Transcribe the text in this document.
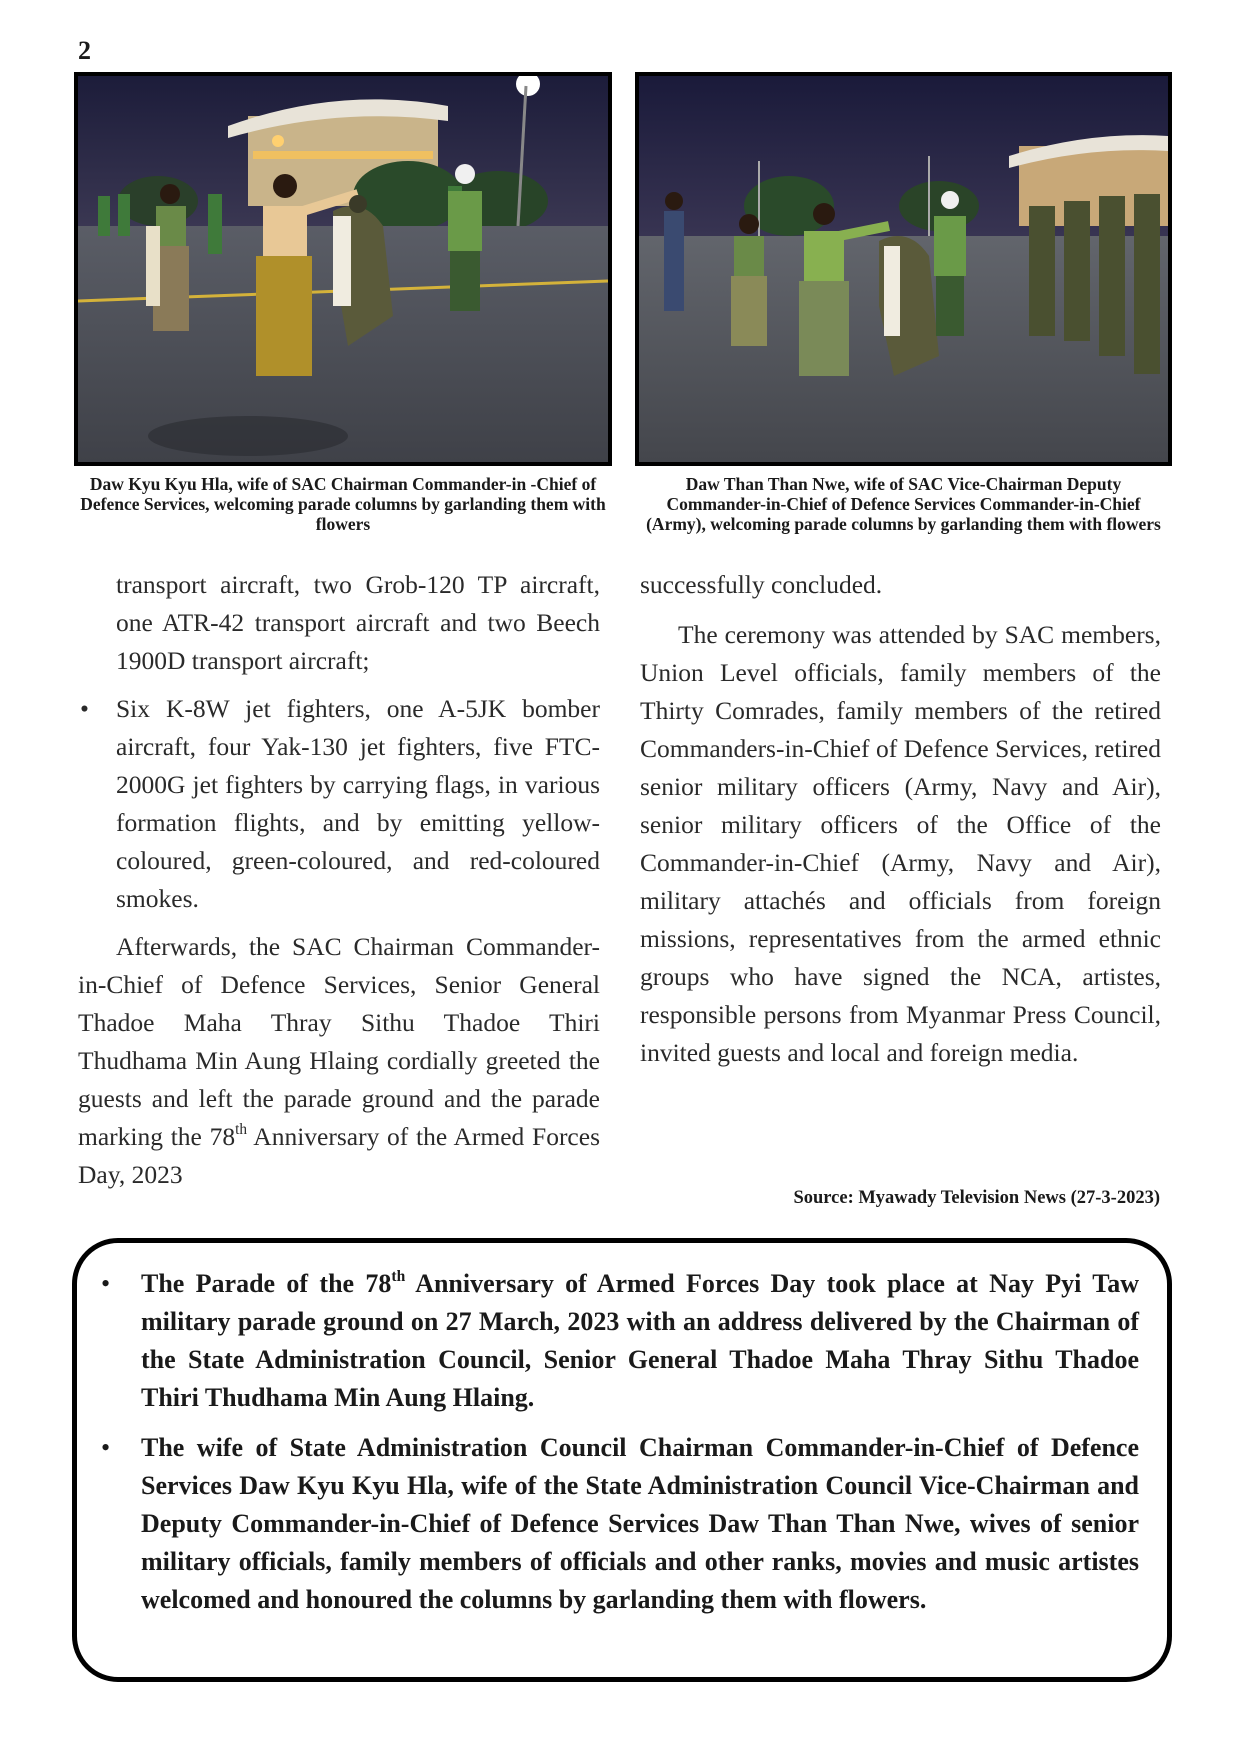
2
Daw Kyu Kyu Hla, wife of SAC Chairman Commander-in -Chief of Defence Services, welcoming parade columns by garlanding them with flowers
Daw Than Than Nwe, wife of SAC Vice-Chairman Deputy Commander-in-Chief of Defence Services Commander-in-Chief (Army), welcoming parade columns by garlanding them with flowers

transport aircraft, two Grob-120 TP aircraft, one ATR-42 transport aircraft and two Beech 1900D transport aircraft;

• Six K-8W jet fighters, one A-5JK bomber aircraft, four Yak-130 jet fighters, five FTC-2000G jet fighters by carrying flags, in various formation flights, and by emitting yellow-coloured, green-coloured, and red-coloured smokes.

Afterwards, the SAC Chairman Commander-in-Chief of Defence Services, Senior General Thadoe Maha Thray Sithu Thadoe Thiri Thudhama Min Aung Hlaing cordially greeted the guests and left the parade ground and the parade marking the 78th Anniversary of the Armed Forces Day, 2023

successfully concluded.

The ceremony was attended by SAC members, Union Level officials, family members of the Thirty Comrades, family members of the retired Commanders-in-Chief of Defence Services, retired senior military officers (Army, Navy and Air), senior military officers of the Office of the Commander-in-Chief (Army, Navy and Air), military attachés and officials from foreign missions, representatives from the armed ethnic groups who have signed the NCA, artistes, responsible persons from Myanmar Press Council, invited guests and local and foreign media.

Source: Myawady Television News (27-3-2023)
• The Parade of the 78th Anniversary of Armed Forces Day took place at Nay Pyi Taw military parade ground on 27 March, 2023 with an address delivered by the Chairman of the State Administration Council, Senior General Thadoe Maha Thray Sithu Thadoe Thiri Thudhama Min Aung Hlaing.
• The wife of State Administration Council Chairman Commander-in-Chief of Defence Services Daw Kyu Kyu Hla, wife of the State Administration Council Vice-Chairman and Deputy Commander-in-Chief of Defence Services Daw Than Than Nwe, wives of senior military officials, family members of officials and other ranks, movies and music artistes welcomed and honoured the columns by garlanding them with flowers.
